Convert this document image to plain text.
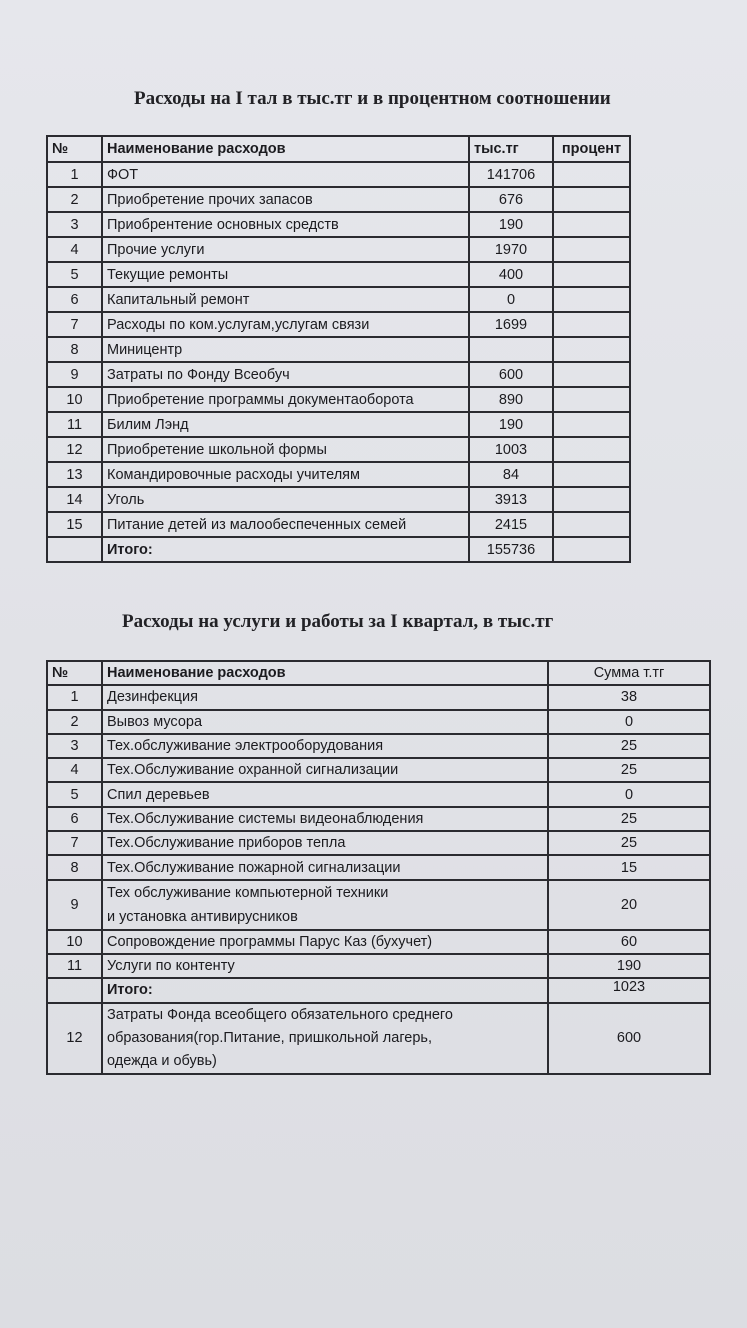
Расходы на I тал в тыс.тг и в процентном соотношении
№	Наименование расходов	тыс.тг	процент
1	ФОТ	141706	
2	Приобретение прочих запасов	676	
3	Приобрентение основных средств	190	
4	Прочие услуги	1970	
5	Текущие ремонты	400	
6	Капитальный ремонт	0	
7	Расходы по ком.услугам,услугам связи	1699	
8	Миницентр		
9	Затраты по Фонду Всеобуч	600	
10	Приобретение программы документаоборота	890	
11	Билим Лэнд	190	
12	Приобретение школьной формы	1003	
13	Командировочные расходы учителям	84	
14	Уголь	3913	
15	Питание детей из малообеспеченных семей	2415	
	Итого:	155736	
Расходы на услуги и работы за I квартал, в тыс.тг
№	Наименование расходов	Сумма т.тг
1	Дезинфекция	38
2	Вывоз мусора	0
3	Тех.обслуживание электрооборудования	25
4	Тех.Обслуживание охранной сигнализации	25
5	Спил деревьев	0
6	Тех.Обслуживание системы видеонаблюдения	25
7	Тех.Обслуживание приборов тепла	25
8	Тех.Обслуживание пожарной сигнализации	15
9	Тех обслуживание компьютерной техники
и установка антивирусников	20
10	Сопровождение программы Парус Каз (бухучет)	60
11	Услуги по контенту	190
	Итого:	1023
12	Затраты Фонда всеобщего обязательного среднего
образования(гор.Питание, пришкольной лагерь,
одежда и обувь)	600
